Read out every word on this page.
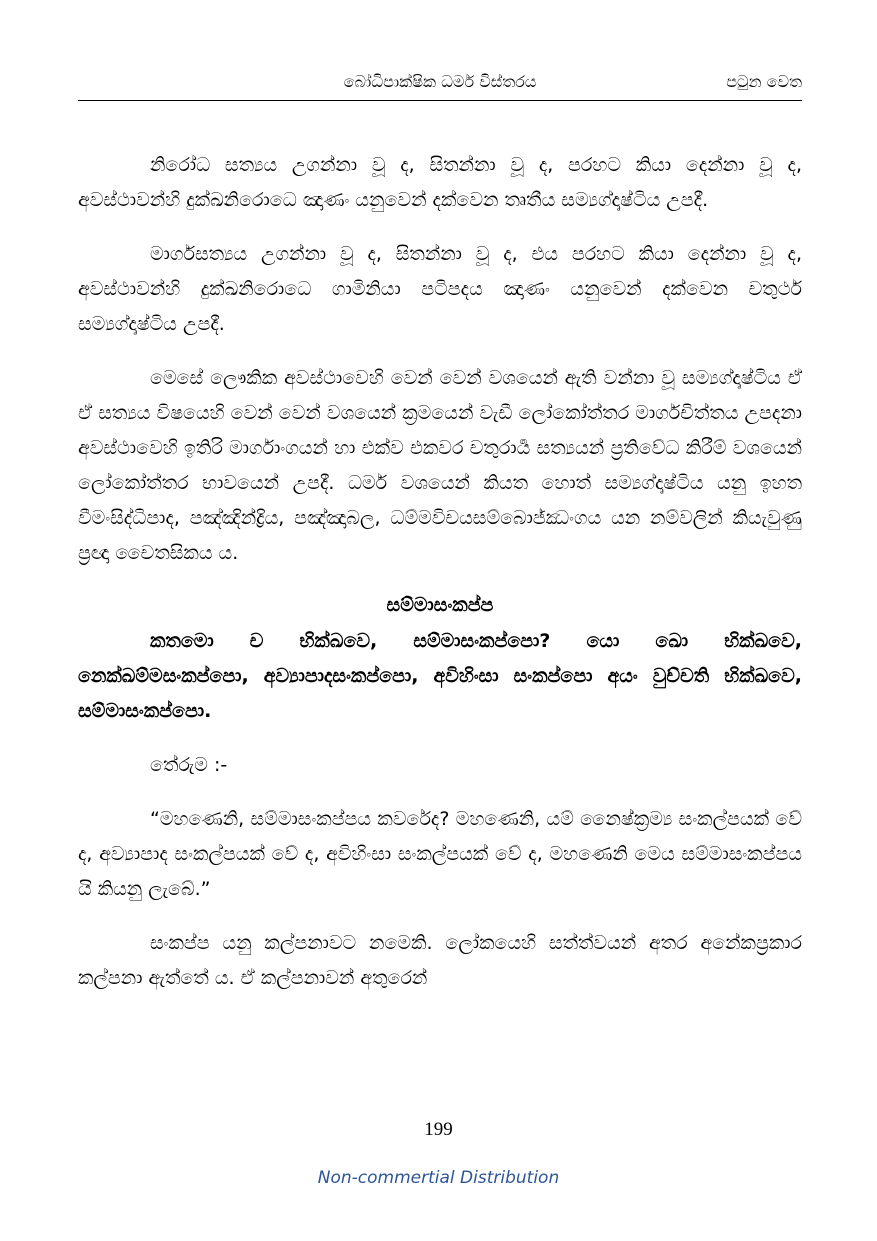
බෝධිපාක්ෂික ධර්ම විස්තරය	පටුන වෙත

නිරෝධ සත්‍යය උගන්නා වූ ද, සිතන්නා වූ ද, පරහට කියා දෙන්නා වූ ද, අවස්ථාවන්හි දුක්ඛනිරොධෙ ඤාණං යනුවෙන් දක්වෙන තෘතීය සම්‍යග්දෘෂ්ටිය උපදී.

මාර්ගසත්‍යය උගන්නා වූ ද, සිතන්නා වූ ද, එය පරහට කියා දෙන්නා වූ ද, අවස්ථාවන්හි දුක්ඛනිරොධෙ ගාමිනියා පටිපදය ඤාණං යනුවෙන් දක්වෙන චතුර්ථ සම්‍යග්දෘෂ්ටිය උපදී.

මෙසේ ලෞකික අවස්ථාවෙහි වෙන් වෙන් වශයෙන් ඇති වන්නා වූ සම්‍යග්දෘෂ්ටිය ඒ ඒ සත්‍යය විෂයෙහි වෙන් වෙන් වශයෙන් ක්‍රමයෙන් වැඩී ලෝකෝත්තර මාර්ගචිත්තය උපදනා අවස්ථාවෙහි ඉතිරි මාර්ගාංගයන් හා එක්ව එකවර චතුරාර්‍ය සත්‍යයන් ප්‍රතිවේධ කිරීම් වශයෙන් ලෝකෝත්තර භාවයෙන් උපදී. ධර්ම වශයෙන් කියත හොත් සම්‍යග්දෘෂ්ටිය යනු ඉහත වීමංසිද්ධිපාද, පඤ්ඤින්ද්‍රිය, පඤ්ඤාබල, ධම්මවිචයසම්බොජ්ඣංගය යන නම්වලින් කියැවුණු ප්‍රඥා චෛතසිකය ය.

සම්මාසංකප්ප

කතමො ච භික්ඛවෙ, සම්මාසංකප්පො? යො ඛො භික්ඛවෙ, නෙක්ඛම්මසංකප්පො, අව්‍යාපාදසංකප්පො, අවිහිංසා සංකප්පො අයං වුච්චති භික්ඛවෙ, සම්මාසංකප්පො.

තේරුම :-

“මහණෙනි, සම්මාසංකප්පය කවරේද? මහණෙනි, යම් නෛෂ්ක්‍රම්‍ය සංකල්පයක් වේ ද, අව්‍යාපාද සංකල්පයක් වේ ද, අවිහිංසා සංකල්පයක් වේ ද, මහණෙනි මෙය සම්මාසංකප්පය යි කියනු ලැබේ.”

සංකප්ප යනු කල්පනාවට නමෙකි. ලෝකයෙහි සත්ත්වයන් අතර අනේකප්‍රකාර කල්පනා ඇත්තේ ය. ඒ කල්පනාවන් අතුරෙන්

199
Non-commertial Distribution
